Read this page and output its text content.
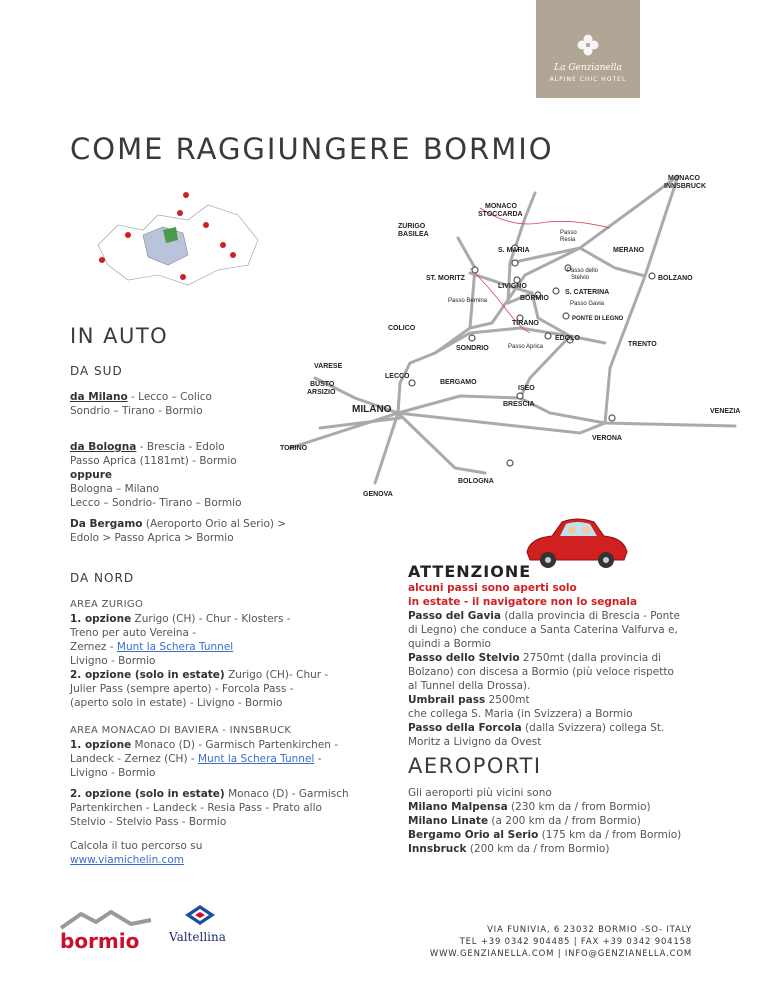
La Genzianella
ALPINE CHIC HOTEL
COME RAGGIUNGERE BORMIO
MONACO
INNSBRUCK
MONACO
STOCCARDA
ZURIGO
BASILEA	Passo
Resia
S. MARIA	MERANO
ST. MORITZ
Passo dello
Stelvio	BOLZANO
LIVIGNO
S. CATERINA
BORMIO
Passo Bernina	Passo Gavia
PONTE DI LEGNO
TIRANO
COLICO
SONDRIO	Passo Aprica
EDOLO
TRENTO
VARESE
LECCO
BERGAMO
ISEO
BUSTO
ARSIZIO
MILANO	BRESCIA
VENEZIA
TORINO
VERONA
GENOVA
BOLOGNA
IN AUTO
DA SUD
da Milano - Lecco – Colico
Sondrio – Tirano - Bormio
da Bologna - Brescia - Edolo
Passo Aprica (1181mt) - Bormio
oppure
Bologna – Milano
Lecco – Sondrio- Tirano – Bormio
Da Bergamo (Aeroporto Orio al Serio) >
Edolo > Passo Aprica > Bormio
DA NORD
AREA ZURIGO
1. opzione Zurigo (CH) - Chur - Klosters -
Treno per auto Vereina -
Zernez - Munt la Schera Tunnel
Livigno - Bormio
2. opzione (solo in estate) Zurigo (CH)- Chur -
Julier Pass (sempre aperto) - Forcola Pass -
(aperto solo in estate) - Livigno - Bormio
AREA MONACAO DI BAVIERA - INNSBRUCK
1. opzione Monaco (D) - Garmisch Partenkirchen -
Landeck - Zernez (CH) - Munt la Schera Tunnel -
Livigno - Bormio
2. opzione (solo in estate) Monaco (D) - Garmisch
Partenkirchen - Landeck - Resia Pass - Prato allo
Stelvio - Stelvio Pass - Bormio
Calcola il tuo percorso su
www.viamichelin.com
ATTENZIONE
alcuni passi sono aperti solo
in estate - il navigatore non lo segnala
Passo del Gavia (dalla provincia di Brescia - Ponte
di Legno) che conduce a Santa Caterina Valfurva e,
quindi a Bormio
Passo dello Stelvio 2750mt (dalla provincia di
Bolzano) con discesa a Bormio (più veloce rispetto
al Tunnel della Drossa).
Umbrail pass 2500mt
che collega S. Maria (in Svizzera) a Bormio
Passo della Forcola (dalla Svizzera) collega St.
Moritz a Livigno da Ovest
AEROPORTI
Gli aeroporti più vicini sono
Milano Malpensa (230 km da / from Bormio)
Milano Linate (a 200 km da / from Bormio)
Bergamo Orio al Serio (175 km da / from Bormio)
Innsbruck (200 km da / from Bormio)
bormio Valtellina	VIA FUNIVIA, 6 23032 BORMIO -SO- ITALY
TEL +39 0342 904485 | FAX +39 0342 904158
WWW.GENZIANELLA.COM | INFO@GENZIANELLA.COM
